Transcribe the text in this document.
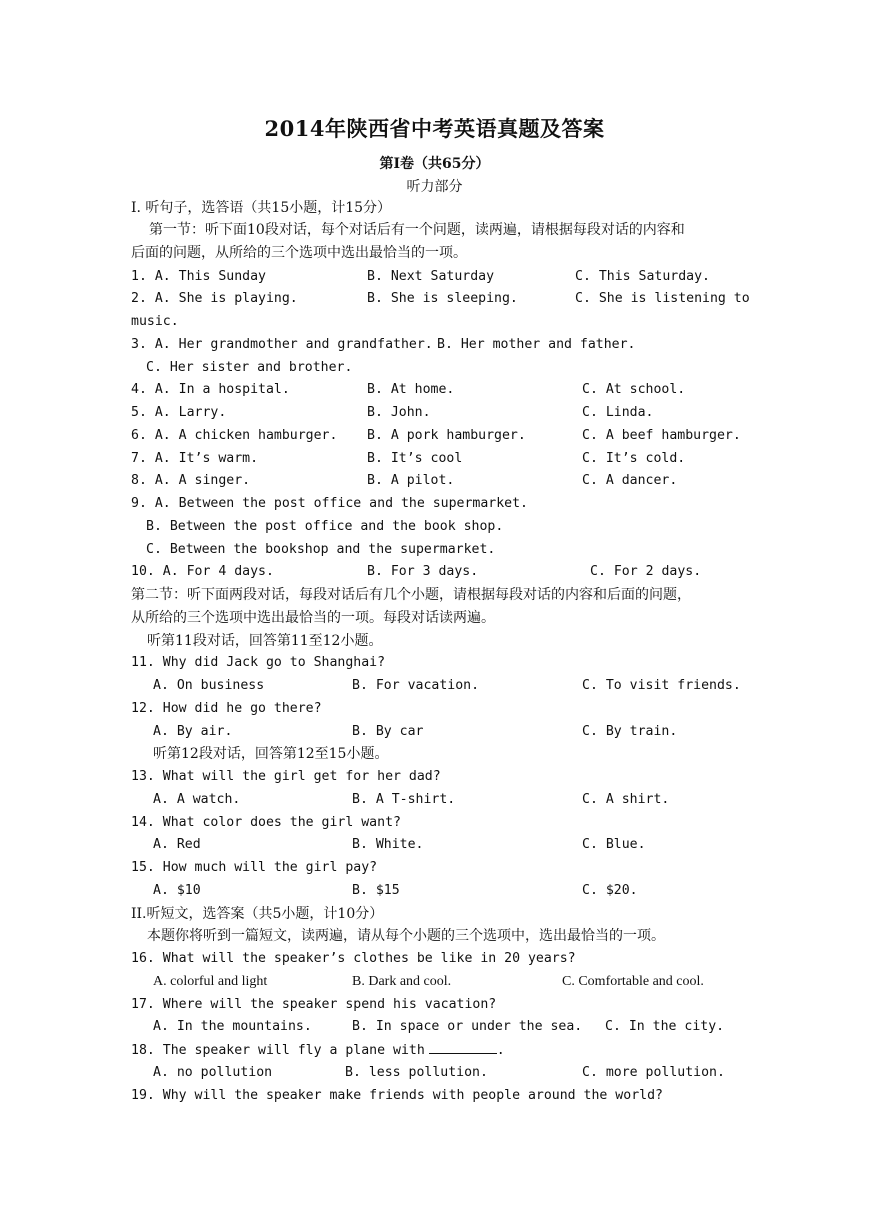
2014年陕西省中考英语真题及答案
第I卷（共65分）
听力部分
I. 听句子，选答语（共15小题，计15分）
第一节：听下面10段对话，每个对话后有一个问题，读两遍，请根据每段对话的内容和
后面的问题，从所给的三个选项中选出最恰当的一项。
1. A. This Sunday	B. Next Saturday	C. This Saturday.
2. A. She is playing.	B. She is sleeping.	C. She is listening to
music.
3. A. Her grandmother and grandfather. B. Her mother and father.
C. Her sister and brother.
4. A. In a hospital.	B. At home.	C. At school.
5. A. Larry.	B. John.	C. Linda.
6. A. A chicken hamburger. B. A pork hamburger.	C. A beef hamburger.
7. A. It’s warm.	B. It’s cool	C. It’s cold.
8. A. A singer.	B. A pilot.	C. A dancer.
9. A. Between the post office and the supermarket.
B. Between the post office and the book shop.
C. Between the bookshop and the supermarket.
10. A. For 4 days.	B. For 3 days.	C. For 2 days.
第二节：听下面两段对话，每段对话后有几个小题，请根据每段对话的内容和后面的问题，
从所给的三个选项中选出最恰当的一项。每段对话读两遍。
听第11段对话，回答第11至12小题。
11. Why did Jack go to Shanghai?
A. On business	B. For vacation.	C. To visit friends.
12. How did he go there?
A. By air.	B. By car	C. By train.
听第12段对话，回答第12至15小题。
13. What will the girl get for her dad?
A. A watch.	B. A T-shirt.	C. A shirt.
14. What color does the girl want?
A. Red	B. White.	C. Blue.
15. How much will the girl pay?
A. $10	B. $15	C. $20.
II.听短文，选答案（共5小题，计10分）
本题你将听到一篇短文，读两遍，请从每个小题的三个选项中，选出最恰当的一项。
16. What will the speaker’s clothes be like in 20 years?
A. colorful and light	B. Dark and cool.	C. Comfortable and cool.
17. Where will the speaker spend his vacation?
A. In the mountains.	B. In space or under the sea. C. In the city.
18. The speaker will fly a plane with	.
A. no pollution	B. less pollution.	C. more pollution.
19. Why will the speaker make friends with people around the world?
